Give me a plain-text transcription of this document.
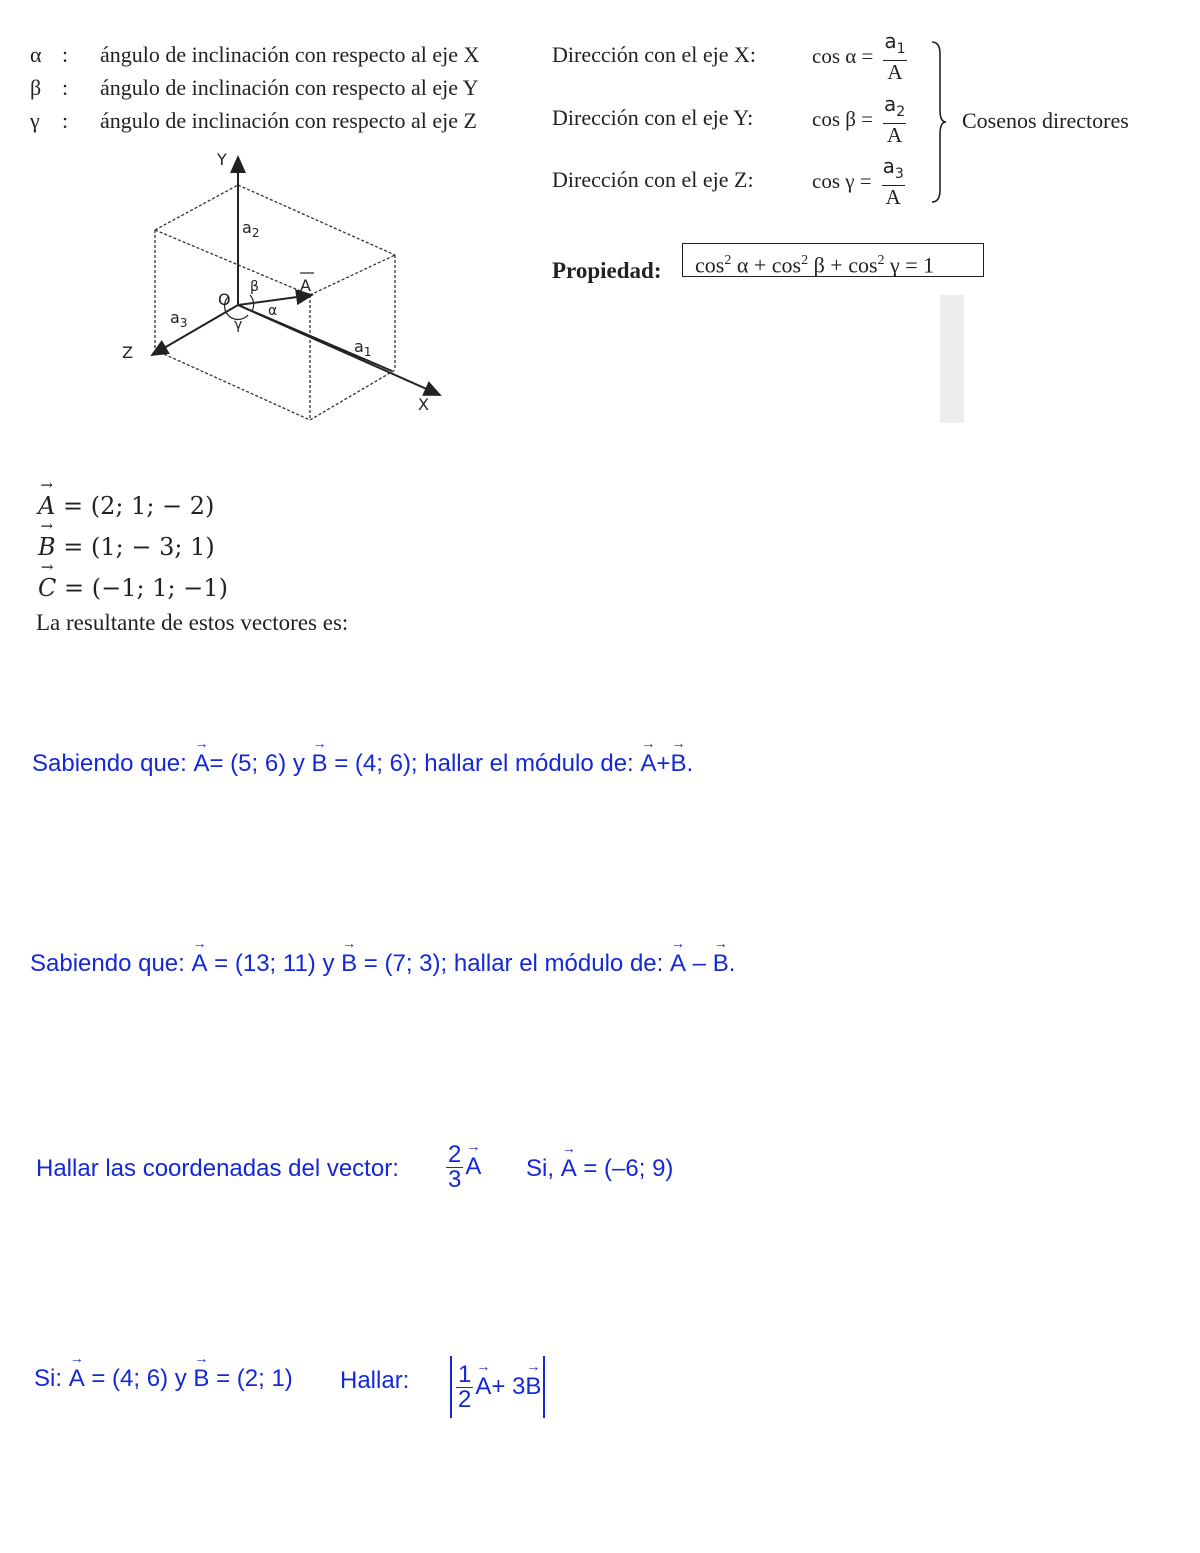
α : ángulo de inclinación con respecto al eje X
β : ángulo de inclinación con respecto al eje Y
γ : ángulo de inclinación con respecto al eje Z
Dirección con el eje X:	$\cos \alpha = \frac{a_1}{A}$
Dirección con el eje Y:	$\cos \beta = \frac{a_2}{A}$
Dirección con el eje Z:	$\cos \gamma = \frac{a_3}{A}$
Cosenos directores
Propiedad:	$\cos^2 \alpha + \cos^2 \beta + \cos^2 \gamma = 1$
Y
X
Z
O
A
$a_1$
$a_2$
$a_3$
α
β
γ
→ A = (2; 1; − 2)
→ B = (1; − 3; 1)
→ C = (−1; 1; −1)
La resultante de estos vectores es:
Sabiendo que: → A= (5; 6) y → B = (4; 6); hallar el módulo de: → A+→ B.
Sabiendo que: → A = (13; 11) y → B = (7; 3); hallar el módulo de: → A – → B.
Hallar las coordenadas del vector: $\frac{2}{3}$
→ A Si, → A = (–6; 9)
Si: → A = (4; 6) y → B = (2; 1) Hallar: $\frac{1}{2}$
→ A + 3
→ B
